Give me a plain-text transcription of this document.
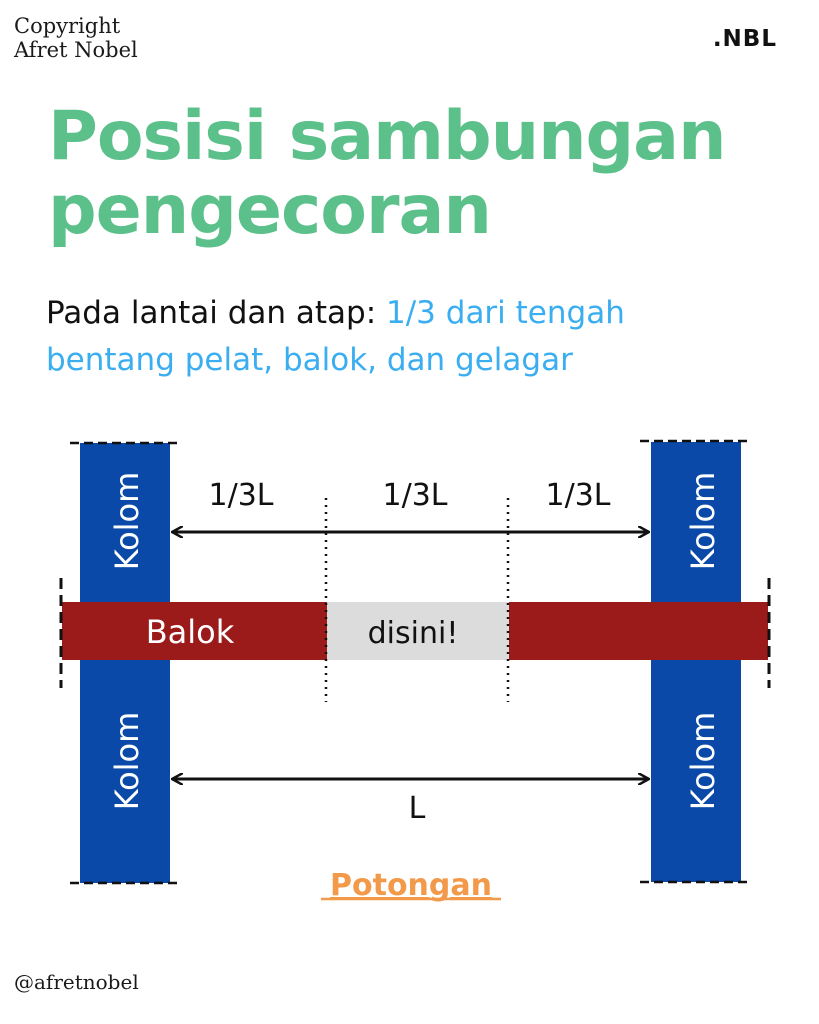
Copyright
Afret Nobel	.NBL
Posisi sambungan
pengecoran
Pada lantai dan atap: 1/3 dari tengah
bentang pelat, balok, dan gelagar
Kolom
Kolom
Kolom
Kolom
Balok	disini!
1/3L	1/3L	1/3L
L
Potongan
@afretnobel
